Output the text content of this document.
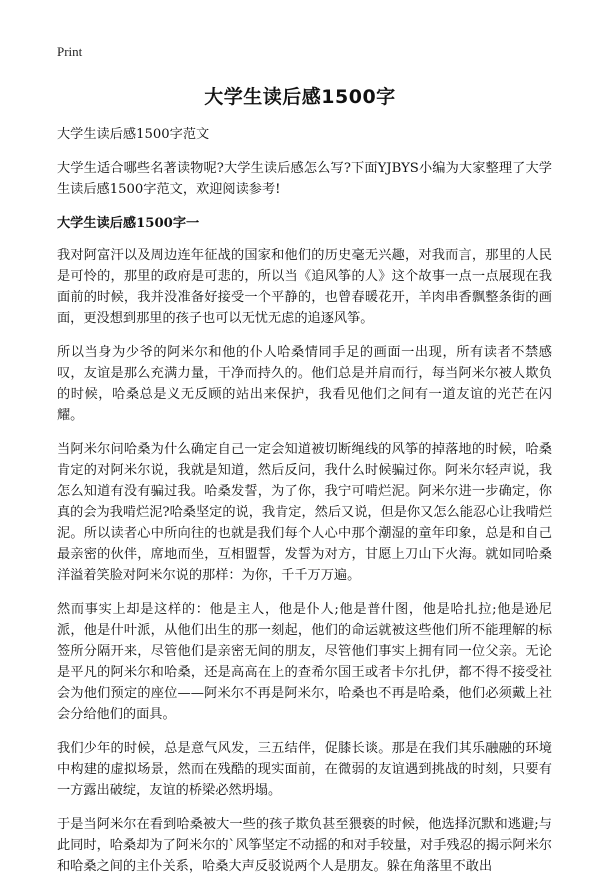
Print
大学生读后感1500字

大学生读后感1500字范文

大学生适合哪些名著读物呢?大学生读后感怎么写?下面YJBYS小编为大家整理了大学生读后感1500字范文，欢迎阅读参考!

大学生读后感1500字一

我对阿富汗以及周边连年征战的国家和他们的历史毫无兴趣，对我而言，那里的人民是可怜的，那里的政府是可悲的，所以当《追风筝的人》这个故事一点一点展现在我面前的时候，我并没准备好接受一个平静的，也曾春暖花开，羊肉串香飘整条街的画面，更没想到那里的孩子也可以无忧无虑的追逐风筝。

所以当身为少爷的阿米尔和他的仆人哈桑情同手足的画面一出现，所有读者不禁感叹，友谊是那么充满力量，干净而持久的。他们总是并肩而行，每当阿米尔被人欺负的时候，哈桑总是义无反顾的站出来保护，我看见他们之间有一道友谊的光芒在闪耀。

当阿米尔问哈桑为什么确定自己一定会知道被切断绳线的风筝的掉落地的时候，哈桑肯定的对阿米尔说，我就是知道，然后反问，我什么时候骗过你。阿米尔轻声说，我怎么知道有没有骗过我。哈桑发誓，为了你，我宁可啃烂泥。阿米尔进一步确定，你真的会为我啃烂泥?哈桑坚定的说，我肯定，然后又说，但是你又怎么能忍心让我啃烂泥。所以读者心中所向往的也就是我们每个人心中那个潮湿的童年印象，总是和自己最亲密的伙伴，席地而坐，互相盟誓，发誓为对方，甘愿上刀山下火海。就如同哈桑洋溢着笑脸对阿米尔说的那样：为你，千千万万遍。

然而事实上却是这样的：他是主人，他是仆人;他是普什图，他是哈扎拉;他是逊尼派，他是什叶派，从他们出生的那一刻起，他们的命运就被这些他们所不能理解的标签所分隔开来，尽管他们是亲密无间的朋友，尽管他们事实上拥有同一位父亲。无论是平凡的阿米尔和哈桑，还是高高在上的查希尔国王或者卡尔扎伊，都不得不接受社会为他们预定的座位——阿米尔不再是阿米尔，哈桑也不再是哈桑，他们必须戴上社会分给他们的面具。

我们少年的时候，总是意气风发，三五结伴，促膝长谈。那是在我们其乐融融的环境中构建的虚拟场景，然而在残酷的现实面前，在微弱的友谊遇到挑战的时刻，只要有一方露出破绽，友谊的桥梁必然坍塌。

于是当阿米尔在看到哈桑被大一些的孩子欺负甚至猥亵的时候，他选择沉默和逃避;与此同时，哈桑却为了阿米尔的`风筝坚定不动摇的和对手较量，对手残忍的揭示阿米尔和哈桑之间的主仆关系，哈桑大声反驳说两个人是朋友。躲在角落里不敢出
